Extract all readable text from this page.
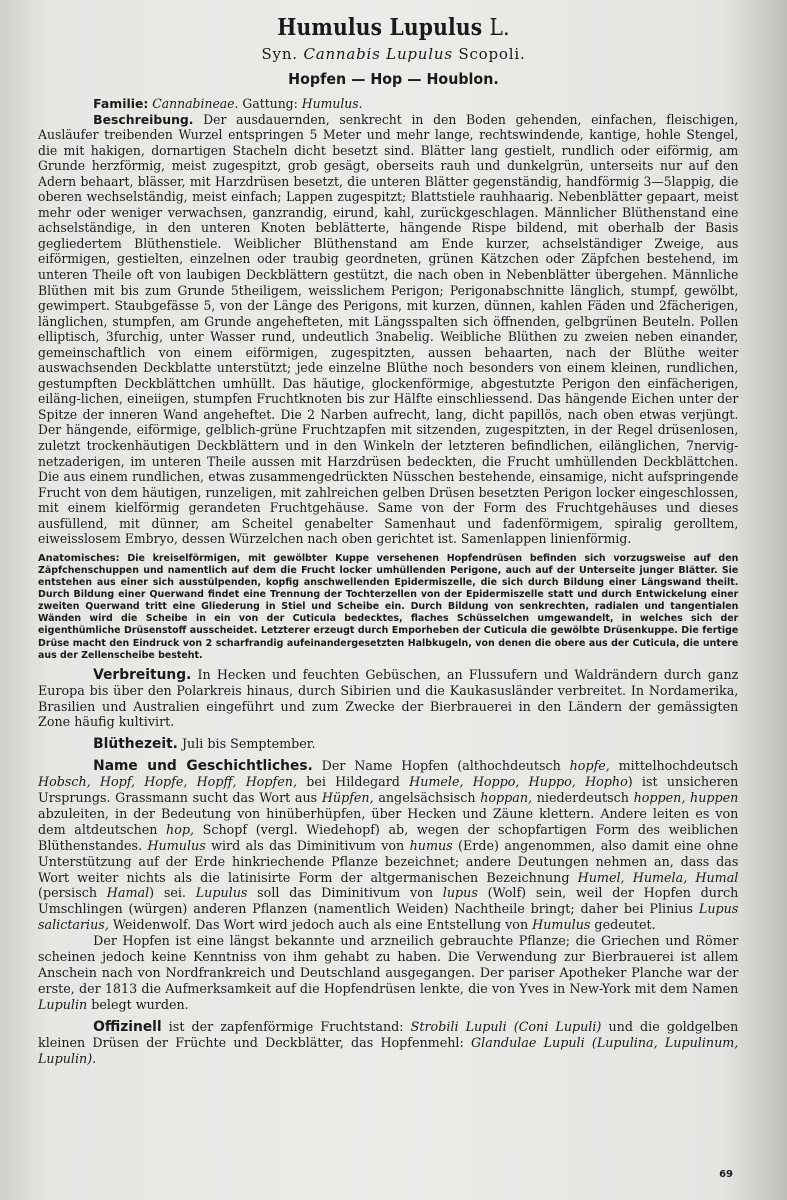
Humulus Lupulus L.

Syn. Cannabis Lupulus Scopoli.

Hopfen — Hop — Houblon.

Familie: Cannabineae. Gattung: Humulus.

Beschreibung. Der ausdauernden, senkrecht in den Boden gehenden, einfachen, fleischigen, Ausläufer treibenden Wurzel entspringen 5 Meter und mehr lange, rechtswindende, kantige, hohle Stengel, die mit hakigen, dornartigen Stacheln dicht besetzt sind. Blätter lang gestielt, rundlich oder eiförmig, am Grunde herzförmig, meist zugespitzt, grob gesägt, oberseits rauh und dunkelgrün, unterseits nur auf den Adern behaart, blässer, mit Harzdrüsen besetzt, die unteren Blätter gegenständig, handförmig 3—5lappig, die oberen wechselständig, meist einfach; Lappen zugespitzt; Blattstiele rauhhaarig. Nebenblätter gepaart, meist mehr oder weniger verwachsen, ganzrandig, eirund, kahl, zurückgeschlagen. Männlicher Blüthenstand eine achselständige, in den unteren Knoten beblätterte, hängende Rispe bildend, mit oberhalb der Basis gegliedertem Blüthenstiele. Weiblicher Blüthenstand am Ende kurzer, achselständiger Zweige, aus eiförmigen, gestielten, einzelnen oder traubig geordneten, grünen Kätzchen oder Zäpfchen bestehend, im unteren Theile oft von laubigen Deckblättern gestützt, die nach oben in Nebenblätter übergehen. Männliche Blüthen mit bis zum Grunde 5theiligem, weisslichem Perigon; Perigonabschnitte länglich, stumpf, gewölbt, gewimpert. Staubgefässe 5, von der Länge des Perigons, mit kurzen, dünnen, kahlen Fäden und 2fächerigen, länglichen, stumpfen, am Grunde angehefteten, mit Längsspalten sich öffnenden, gelbgrünen Beuteln. Pollen elliptisch, 3furchig, unter Wasser rund, undeutlich 3nabelig. Weibliche Blüthen zu zweien neben einander, gemeinschaftlich von einem eiförmigen, zugespitzten, aussen behaarten, nach der Blüthe weiter auswachsenden Deckblatte unterstützt; jede einzelne Blüthe noch besonders von einem kleinen, rundlichen, gestumpften Deckblättchen umhüllt. Das häutige, glockenförmige, abgestutzte Perigon den einfächerigen, eiläng-lichen, eineiigen, stumpfen Fruchtknoten bis zur Hälfte einschliessend. Das hängende Eichen unter der Spitze der inneren Wand angeheftet. Die 2 Narben aufrecht, lang, dicht papillös, nach oben etwas verjüngt. Der hängende, eiförmige, gelblich-grüne Fruchtzapfen mit sitzenden, zugespitzten, in der Regel drüsenlosen, zuletzt trockenhäutigen Deckblättern und in den Winkeln der letzteren befindlichen, eilänglichen, 7nervig-netzaderigen, im unteren Theile aussen mit Harzdrüsen bedeckten, die Frucht umhüllenden Deckblättchen. Die aus einem rundlichen, etwas zusammengedrückten Nüsschen bestehende, einsamige, nicht aufspringende Frucht von dem häutigen, runzeligen, mit zahlreichen gelben Drüsen besetzten Perigon locker eingeschlossen, mit einem kielförmig gerandeten Fruchtgehäuse. Same von der Form des Fruchtgehäuses und dieses ausfüllend, mit dünner, am Scheitel genabelter Samenhaut und fadenförmigem, spiralig gerolltem, eiweisslosem Embryo, dessen Würzelchen nach oben gerichtet ist. Samenlappen linienförmig.

Anatomisches: Die kreiselförmigen, mit gewölbter Kuppe versehenen Hopfendrüsen befinden sich vorzugsweise auf den Zäpfchenschuppen und namentlich auf dem die Frucht locker umhüllenden Perigone, auch auf der Unterseite junger Blätter. Sie entstehen aus einer sich ausstülpenden, kopfig anschwellenden Epidermiszelle, die sich durch Bildung einer Längswand theilt. Durch Bildung einer Querwand findet eine Trennung der Tochterzellen von der Epidermiszelle statt und durch Entwickelung einer zweiten Querwand tritt eine Gliederung in Stiel und Scheibe ein. Durch Bildung von senkrechten, radialen und tangentialen Wänden wird die Scheibe in ein von der Cuticula bedecktes, flaches Schüsselchen umgewandelt, in welches sich der eigenthümliche Drüsenstoff ausscheidet. Letzterer erzeugt durch Emporheben der Cuticula die gewölbte Drüsenkuppe. Die fertige Drüse macht den Eindruck von 2 scharfrandig aufeinandergesetzten Halbkugeln, von denen die obere aus der Cuticula, die untere aus der Zellenscheibe besteht.

Verbreitung. In Hecken und feuchten Gebüschen, an Flussufern und Waldrändern durch ganz Europa bis über den Polarkreis hinaus, durch Sibirien und die Kaukasusländer verbreitet. In Nordamerika, Brasilien und Australien eingeführt und zum Zwecke der Bierbrauerei in den Ländern der gemässigten Zone häufig kultivirt.

Blüthezeit. Juli bis Semptember.

Name und Geschichtliches. Der Name Hopfen (althochdeutsch hopfe, mittelhochdeutsch Hobsch, Hopf, Hopfe, Hopff, Hopfen, bei Hildegard Humele, Hoppo, Huppo, Hopho) ist unsicheren Ursprungs. Grassmann sucht das Wort aus Hüpfen, angelsächsisch hoppan, niederdeutsch hoppen, huppen abzuleiten, in der Bedeutung von hinüberhüpfen, über Hecken und Zäune klettern. Andere leiten es von dem altdeutschen hop, Schopf (vergl. Wiedehopf) ab, wegen der schopfartigen Form des weiblichen Blüthenstandes. Humulus wird als das Diminitivum von humus (Erde) angenommen, also damit eine ohne Unterstützung auf der Erde hinkriechende Pflanze bezeichnet; andere Deutungen nehmen an, dass das Wort weiter nichts als die latinisirte Form der altgermanischen Bezeichnung Humel, Humela, Humal (persisch Hamal) sei. Lupulus soll das Diminitivum von lupus (Wolf) sein, weil der Hopfen durch Umschlingen (würgen) anderen Pflanzen (namentlich Weiden) Nachtheile bringt; daher bei Plinius Lupus salictarius, Weidenwolf. Das Wort wird jedoch auch als eine Entstellung von Humulus gedeutet.

Der Hopfen ist eine längst bekannte und arzneilich gebrauchte Pflanze; die Griechen und Römer scheinen jedoch keine Kenntniss von ihm gehabt zu haben. Die Verwendung zur Bierbrauerei ist allem Anschein nach von Nordfrankreich und Deutschland ausgegangen. Der pariser Apotheker Planche war der erste, der 1813 die Aufmerksamkeit auf die Hopfendrüsen lenkte, die von Yves in New-York mit dem Namen Lupulin belegt wurden.

Offizinell ist der zapfenförmige Fruchtstand: Strobili Lupuli (Coni Lupuli) und die goldgelben kleinen Drüsen der Früchte und Deckblätter, das Hopfenmehl: Glandulae Lupuli (Lupulina, Lupulinum, Lupulin).

69
